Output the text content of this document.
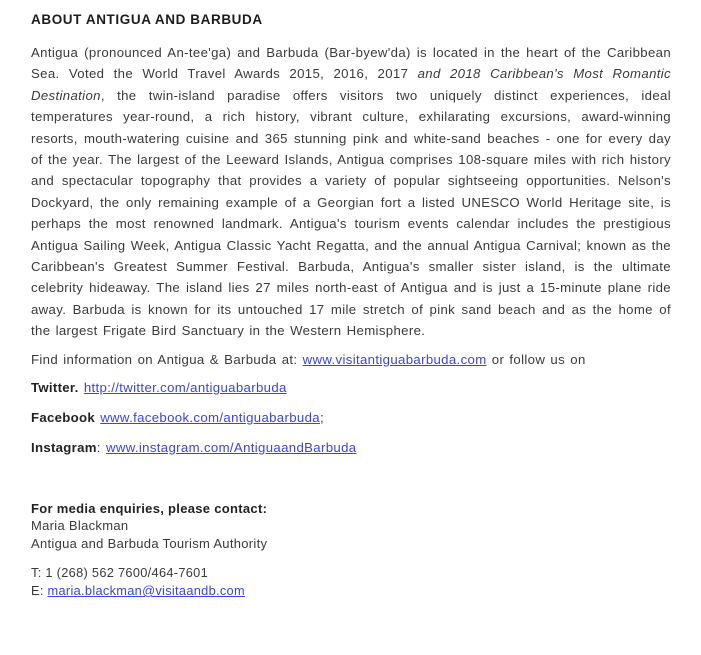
ABOUT ANTIGUA AND BARBUDA

Antigua (pronounced An-tee'ga) and Barbuda (Bar-byew'da) is located in the heart of the Caribbean Sea. Voted the World Travel Awards 2015, 2016, 2017 and 2018 Caribbean's Most Romantic Destination, the twin-island paradise offers visitors two uniquely distinct experiences, ideal temperatures year-round, a rich history, vibrant culture, exhilarating excursions, award-winning resorts, mouth-watering cuisine and 365 stunning pink and white-sand beaches - one for every day of the year. The largest of the Leeward Islands, Antigua comprises 108-square miles with rich history and spectacular topography that provides a variety of popular sightseeing opportunities. Nelson's Dockyard, the only remaining example of a Georgian fort a listed UNESCO World Heritage site, is perhaps the most renowned landmark. Antigua's tourism events calendar includes the prestigious Antigua Sailing Week, Antigua Classic Yacht Regatta, and the annual Antigua Carnival; known as the Caribbean's Greatest Summer Festival. Barbuda, Antigua's smaller sister island, is the ultimate celebrity hideaway. The island lies 27 miles north-east of Antigua and is just a 15-minute plane ride away. Barbuda is known for its untouched 17 mile stretch of pink sand beach and as the home of the largest Frigate Bird Sanctuary in the Western Hemisphere.

Find information on Antigua & Barbuda at: www.visitantiguabarbuda.com or follow us on

Twitter. http://twitter.com/antiguabarbuda

Facebook www.facebook.com/antiguabarbuda;

Instagram: www.instagram.com/AntiguaandBarbuda

For media enquiries, please contact:

Maria Blackman

Antigua and Barbuda Tourism Authority

T: 1 (268) 562 7600/464-7601

E: maria.blackman@visitaandb.com
